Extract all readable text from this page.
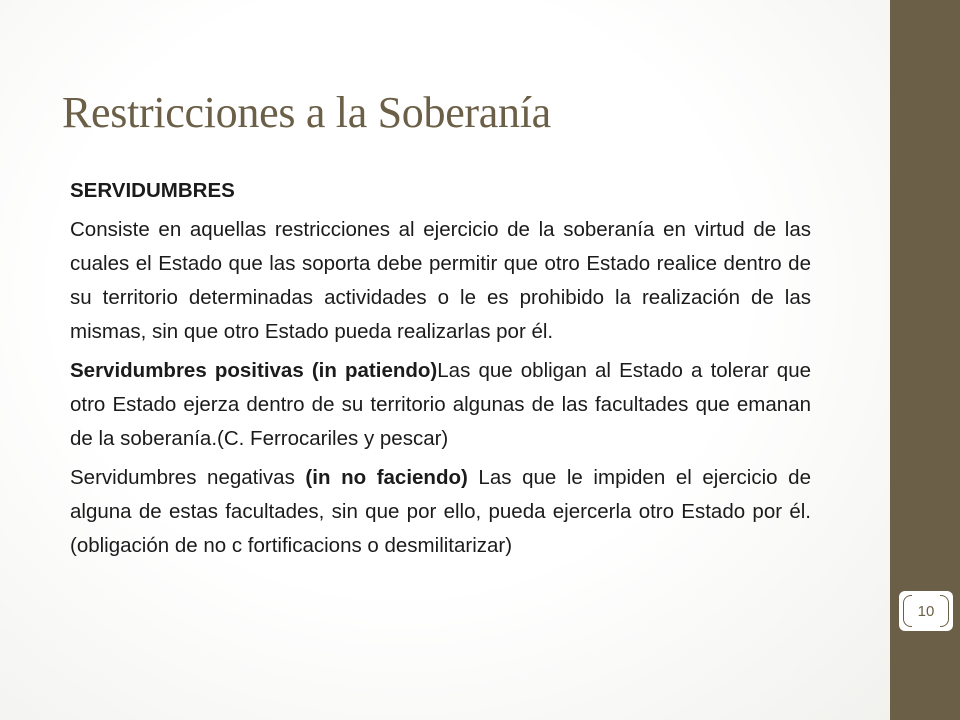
Restricciones a la Soberanía

SERVIDUMBRES

Consiste en aquellas restricciones al ejercicio de la soberanía en virtud de las cuales el Estado que las soporta debe permitir que otro Estado realice dentro de su territorio determinadas actividades o le es prohibido la realización de las mismas, sin que otro Estado pueda realizarlas por él.

Servidumbres positivas (in patiendo)Las que obligan al Estado a tolerar que otro Estado ejerza dentro de su territorio algunas de las facultades que emanan de la soberanía.(C. Ferrocariles y pescar)

Servidumbres negativas (in no faciendo) Las que le impiden el ejercicio de alguna de estas facultades, sin que por ello, pueda ejercerla otro Estado por él. (obligación de no c fortificacions o desmilitarizar)

10
